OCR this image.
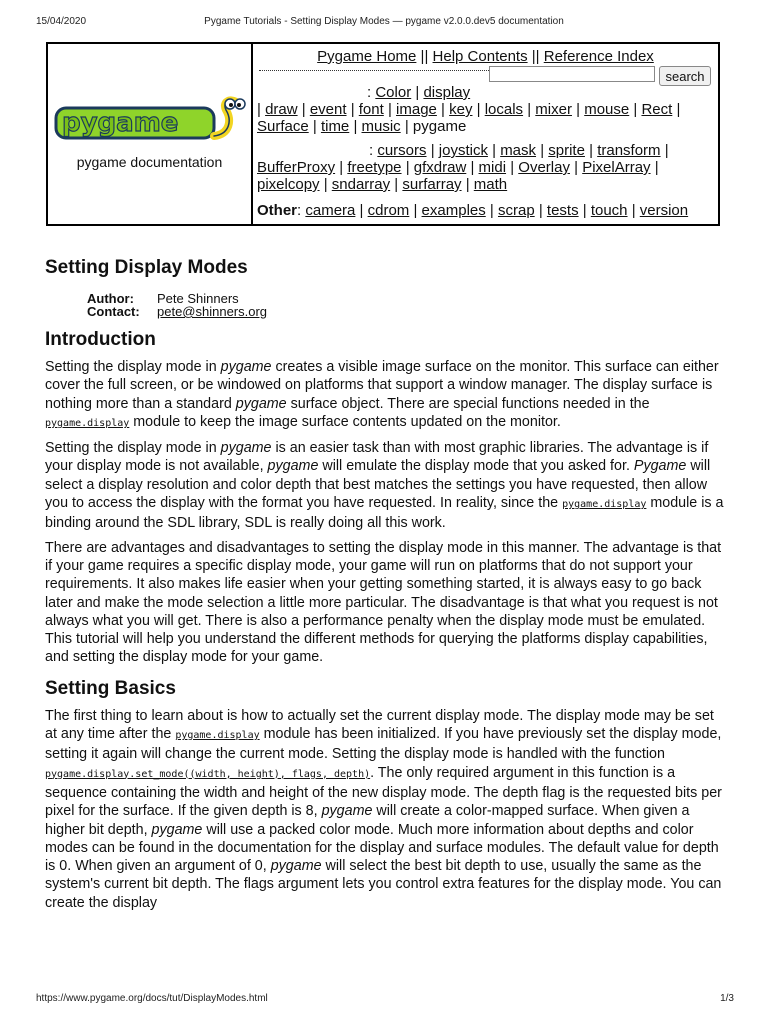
15/04/2020	Pygame Tutorials - Setting Display Modes — pygame v2.0.0.dev5 documentation
pygame
pygame documentation
Pygame Home || Help Contents || Reference Index
search
: Color | display
| draw | event | font | image | key | locals | mixer | mouse | Rect |
Surface | time | music | pygame
: cursors | joystick | mask | sprite | transform |
BufferProxy | freetype | gfxdraw | midi | Overlay | PixelArray |
pixelcopy | sndarray | surfarray | math
Other: camera | cdrom | examples | scrap | tests | touch | version
Setting Display Modes
Author:	Pete Shinners
Contact:	pete@shinners.org
Introduction

Setting the display mode in pygame creates a visible image surface on the monitor. This surface can either cover the full screen, or be windowed on platforms that support a window manager. The display surface is nothing more than a standard pygame surface object. There are special functions needed in the pygame.display module to keep the image surface contents updated on the monitor.

Setting the display mode in pygame is an easier task than with most graphic libraries. The advantage is if your display mode is not available, pygame will emulate the display mode that you asked for. Pygame will select a display resolution and color depth that best matches the settings you have requested, then allow you to access the display with the format you have requested. In reality, since the pygame.display module is a binding around the SDL library, SDL is really doing all this work.

There are advantages and disadvantages to setting the display mode in this manner. The advantage is that if your game requires a specific display mode, your game will run on platforms that do not support your requirements. It also makes life easier when your getting something started, it is always easy to go back later and make the mode selection a little more particular. The disadvantage is that what you request is not always what you will get. There is also a performance penalty when the display mode must be emulated. This tutorial will help you understand the different methods for querying the platforms display capabilities, and setting the display mode for your game.

Setting Basics

The first thing to learn about is how to actually set the current display mode. The display mode may be set at any time after the pygame.display module has been initialized. If you have previously set the display mode, setting it again will change the current mode. Setting the display mode is handled with the function pygame.display.set_mode((width, height), flags, depth). The only required argument in this function is a sequence containing the width and height of the new display mode. The depth flag is the requested bits per pixel for the surface. If the given depth is 8, pygame will create a color-mapped surface. When given a higher bit depth, pygame will use a packed color mode. Much more information about depths and color modes can be found in the documentation for the display and surface modules. The default value for depth is 0. When given an argument of 0, pygame will select the best bit depth to use, usually the same as the system's current bit depth. The flags argument lets you control extra features for the display mode. You can create the display

https://www.pygame.org/docs/tut/DisplayModes.html	1/3
